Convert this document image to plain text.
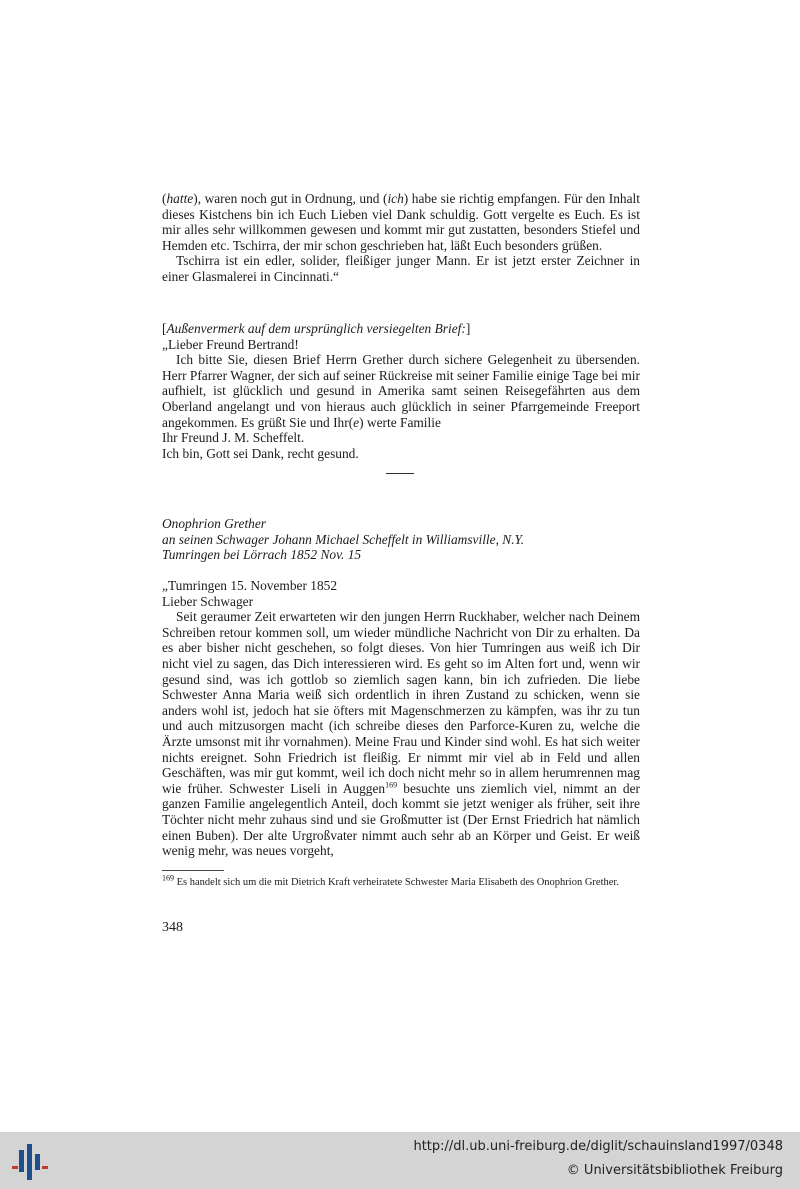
(hatte), waren noch gut in Ordnung, und (ich) habe sie richtig empfangen. Für den Inhalt dieses Kistchens bin ich Euch Lieben viel Dank schuldig. Gott vergelte es Euch. Es ist mir alles sehr willkommen gewesen und kommt mir gut zustatten, besonders Stiefel und Hemden etc. Tschirra, der mir schon geschrieben hat, läßt Euch besonders grüßen.

Tschirra ist ein edler, solider, fleißiger junger Mann. Er ist jetzt erster Zeichner in einer Glasmalerei in Cincinnati.“

[Außenvermerk auf dem ursprünglich versiegelten Brief:]

„Lieber Freund Bertrand!

Ich bitte Sie, diesen Brief Herrn Grether durch sichere Gelegenheit zu übersenden. Herr Pfarrer Wagner, der sich auf seiner Rückreise mit seiner Familie einige Tage bei mir aufhielt, ist glücklich und gesund in Amerika samt seinen Reisegefährten aus dem Oberland angelangt und von hieraus auch glücklich in seiner Pfarrgemeinde Freeport angekommen. Es grüßt Sie und Ihr(e) werte Familie

Ihr Freund J. M. Scheffelt.

Ich bin, Gott sei Dank, recht gesund.

Onophrion Grether
an seinen Schwager Johann Michael Scheffelt in Williamsville, N.Y.
Tumringen bei Lörrach 1852 Nov. 15

„Tumringen 15. November 1852

Lieber Schwager

Seit geraumer Zeit erwarteten wir den jungen Herrn Ruckhaber, welcher nach Deinem Schreiben retour kommen soll, um wieder mündliche Nachricht von Dir zu erhalten. Da es aber bisher nicht geschehen, so folgt dieses. Von hier Tumringen aus weiß ich Dir nicht viel zu sagen, das Dich interessieren wird. Es geht so im Alten fort und, wenn wir gesund sind, was ich gottlob so ziemlich sagen kann, bin ich zufrieden. Die liebe Schwester Anna Maria weiß sich ordentlich in ihren Zustand zu schicken, wenn sie anders wohl ist, jedoch hat sie öfters mit Magenschmerzen zu kämpfen, was ihr zu tun und auch mitzusorgen macht (ich schreibe dieses den Parforce-Kuren zu, welche die Ärzte umsonst mit ihr vornahmen). Meine Frau und Kinder sind wohl. Es hat sich weiter nichts ereignet. Sohn Friedrich ist fleißig. Er nimmt mir viel ab in Feld und allen Geschäften, was mir gut kommt, weil ich doch nicht mehr so in allem herumrennen mag wie früher. Schwester Liseli in Auggen$^{169}$ besuchte uns ziemlich viel, nimmt an der ganzen Familie angelegentlich Anteil, doch kommt sie jetzt weniger als früher, seit ihre Töchter nicht mehr zuhaus sind und sie Großmutter ist (Der Ernst Friedrich hat nämlich einen Buben). Der alte Urgroßvater nimmt auch sehr ab an Körper und Geist. Er weiß wenig mehr, was neues vorgeht,

$^{169}$ Es handelt sich um die mit Dietrich Kraft verheiratete Schwester Maria Elisabeth des Onophrion Grether.
348
http://dl.ub.uni-freiburg.de/diglit/schauinsland1997/0348
© Universitätsbibliothek Freiburg
